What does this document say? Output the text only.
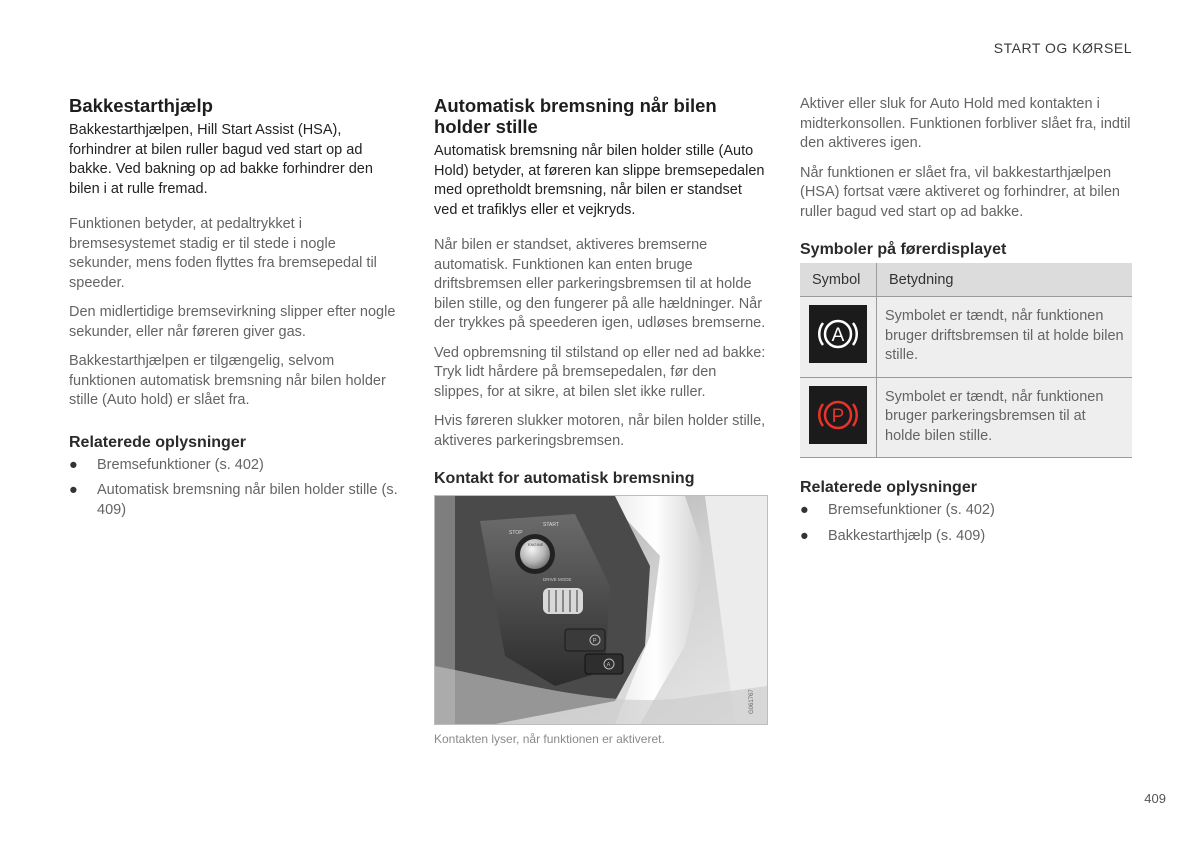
START OG KØRSEL
Bakkestarthjælp
Bakkestarthjælpen, Hill Start Assist (HSA), forhindrer at bilen ruller bagud ved start op ad bakke. Ved bakning op ad bakke forhindrer den bilen i at rulle fremad.

Funktionen betyder, at pedaltrykket i bremsesystemet stadig er til stede i nogle sekunder, mens foden flyttes fra bremsepedal til speeder.

Den midlertidige bremsevirkning slipper efter nogle sekunder, eller når føreren giver gas.

Bakkestarthjælpen er tilgængelig, selvom funktionen automatisk bremsning når bilen holder stille (Auto hold) er slået fra.

Relaterede oplysninger
● Bremsefunktioner (s. 402)
● Automatisk bremsning når bilen holder stille (s. 409)
Automatisk bremsning når bilen holder stille
Automatisk bremsning når bilen holder stille (Auto Hold) betyder, at føreren kan slippe bremsepedalen med opretholdt bremsning, når bilen er standset ved et trafiklys eller et vejkryds.

Når bilen er standset, aktiveres bremserne automatisk. Funktionen kan enten bruge driftsbremsen eller parkeringsbremsen til at holde bilen stille, og den fungerer på alle hældninger. Når der trykkes på speederen igen, udløses bremserne.

Ved opbremsning til stilstand op eller ned ad bakke: Tryk lidt hårdere på bremsepedalen, før den slippes, for at sikre, at bilen slet ikke ruller.

Hvis føreren slukker motoren, når bilen holder stille, aktiveres parkeringsbremsen.

Kontakt for automatisk bremsning
STOP
START
ENGINE
DRIVE MODE
P
A
G061767
Kontakten lyser, når funktionen er aktiveret.

Aktiver eller sluk for Auto Hold med kontakten i midterkonsollen. Funktionen forbliver slået fra, indtil den aktiveres igen.

Når funktionen er slået fra, vil bakkestarthjælpen (HSA) fortsat være aktiveret og forhindrer, at bilen ruller bagud ved start op ad bakke.

Symboler på førerdisplayet
Symbol	Betydning

A	Symbolet er tændt, når funktionen bruger driftsbremsen til at holde bilen stille.

P	Symbolet er tændt, når funktionen bruger parkeringsbremsen til at holde bilen stille.
Relaterede oplysninger
● Bremsefunktioner (s. 402)
● Bakkestarthjælp (s. 409)
409
